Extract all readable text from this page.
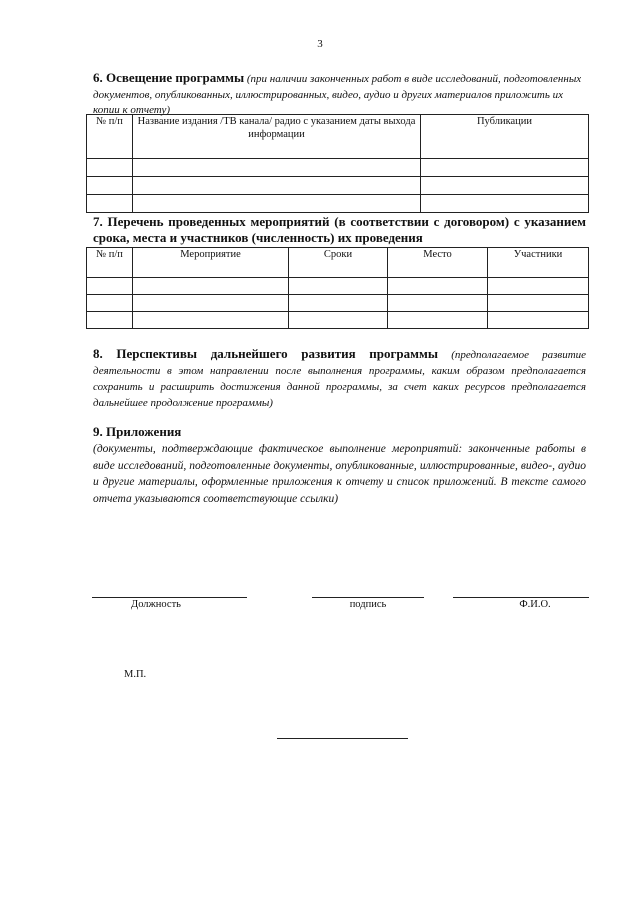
3
6. Освещение программы (при наличии законченных работ в виде исследований, подготовленных документов, опубликованных, иллюстрированных, видео, аудио и других материалов приложить их копии к отчету)
№ п/п	Название издания /ТВ канала/ радио с указанием даты выхода информации	Публикации

7. Перечень проведенных мероприятий (в соответствии с договором) с указанием срока, места и участников (численность) их проведения
№ п/п	Мероприятие	Сроки	Место	Участники

8. Перспективы дальнейшего развития программы (предполагаемое развитие деятельности в этом направлении после выполнения программы, каким образом предполагается сохранить и расширить достижения данной программы, за счет каких ресурсов предполагается дальнейшее продолжение программы)
9. Приложения
(документы, подтверждающие фактическое выполнение мероприятий: законченные работы в виде исследований, подготовленные документы, опубликованные, иллюстрированные, видео-, аудио и другие материалы, оформленные приложения к отчету и список приложений. В тексте самого отчета указываются соответствующие ссылки)
Должность	подпись	Ф.И.О.
М.П.
